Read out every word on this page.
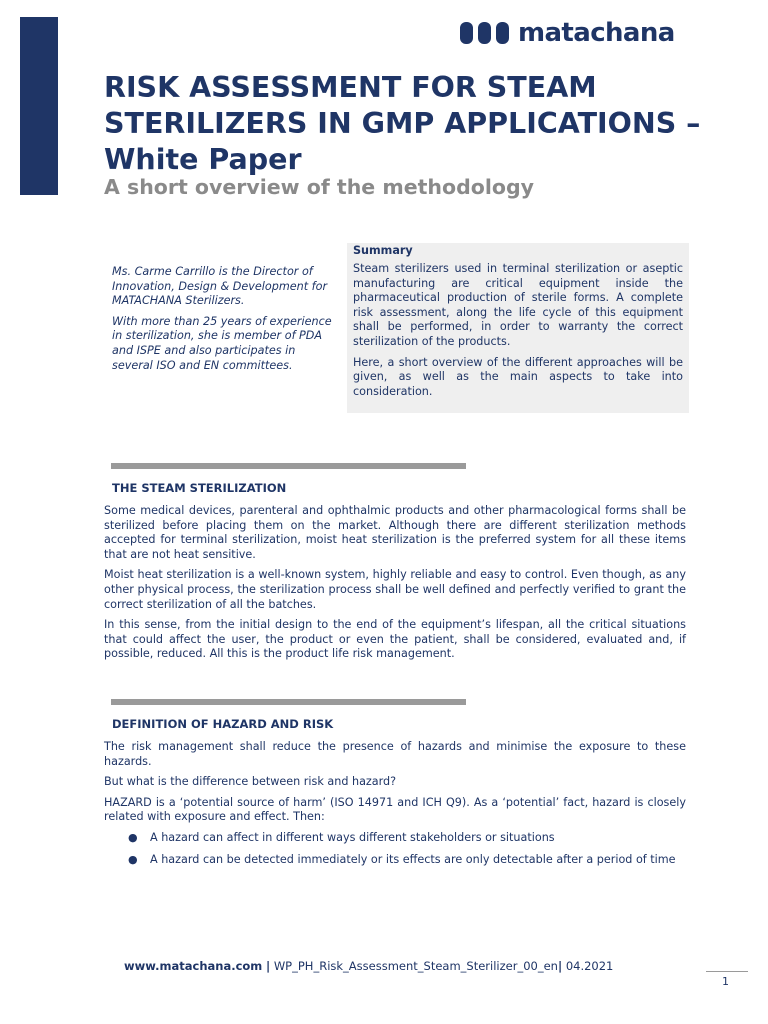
matachana
RISK ASSESSMENT FOR STEAM STERILIZERS IN GMP APPLICATIONS – White Paper
A short overview of the methodology

Ms. Carme Carrillo is the Director of Innovation, Design & Development for MATACHANA Sterilizers.

With more than 25 years of experience in sterilization, she is member of PDA and ISPE and also participates in several ISO and EN committees.

Summary

Steam sterilizers used in terminal sterilization or aseptic manufacturing are critical equipment inside the pharmaceutical production of sterile forms. A complete risk assessment, along the life cycle of this equipment shall be performed, in order to warranty the correct sterilization of the products.

Here, a short overview of the different approaches will be given, as well as the main aspects to take into consideration.

THE STEAM STERILIZATION

Some medical devices, parenteral and ophthalmic products and other pharmacological forms shall be sterilized before placing them on the market. Although there are different sterilization methods accepted for terminal sterilization, moist heat sterilization is the preferred system for all these items that are not heat sensitive.

Moist heat sterilization is a well-known system, highly reliable and easy to control. Even though, as any other physical process, the sterilization process shall be well defined and perfectly verified to grant the correct sterilization of all the batches.

In this sense, from the initial design to the end of the equipment’s lifespan, all the critical situations that could affect the user, the product or even the patient, shall be considered, evaluated and, if possible, reduced. All this is the product life risk management.

DEFINITION OF HAZARD AND RISK

The risk management shall reduce the presence of hazards and minimise the exposure to these hazards.

But what is the difference between risk and hazard?

HAZARD is a ‘potential source of harm’ (ISO 14971 and ICH Q9). As a ‘potential’ fact, hazard is closely related with exposure and effect. Then:

● A hazard can affect in different ways different stakeholders or situations
● A hazard can be detected immediately or its effects are only detectable after a period of time
www.matachana.com | WP_PH_Risk_Assessment_Steam_Sterilizer_00_en| 04.2021
1
